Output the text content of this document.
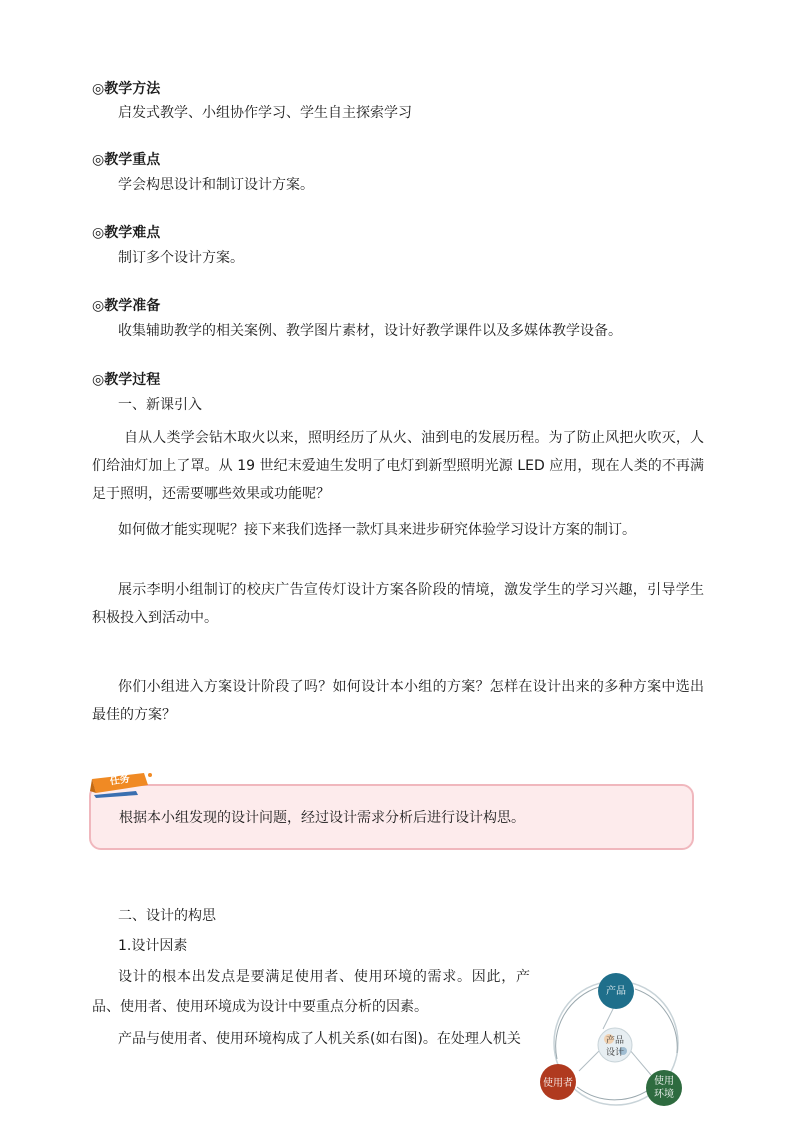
◎教学方法
启发式教学、小组协作学习、学生自主探索学习
◎教学重点
学会构思设计和制订设计方案。
◎教学难点
制订多个设计方案。
◎教学准备
收集辅助教学的相关案例、教学图片素材，设计好教学课件以及多媒体教学设备。
◎教学过程
一、新课引入

自从人类学会钻木取火以来，照明经历了从火、油到电的发展历程。为了防止风把火吹灭，人们给油灯加上了罩。从 19 世纪末爱迪生发明了电灯到新型照明光源 LED 应用，现在人类的不再满足于照明，还需要哪些效果或功能呢？

如何做才能实现呢？接下来我们选择一款灯具来进步研究体验学习设计方案的制订。

展示李明小组制订的校庆广告宣传灯设计方案各阶段的情境，激发学生的学习兴趣，引导学生积极投入到活动中。

你们小组进入方案设计阶段了吗？如何设计本小组的方案？怎样在设计出来的多种方案中选出最佳的方案？

根据本小组发现的设计问题，经过设计需求分析后进行设计构思。
任务
二、设计的构思
1.设计因素

设计的根本出发点是要满足使用者、使用环境的需求。因此，产品、使用者、使用环境成为设计中要重点分析的因素。

产品与使用者、使用环境构成了人机关系(如右图)。在处理人机关

产品
使用者	使用
环境
产品
设计
